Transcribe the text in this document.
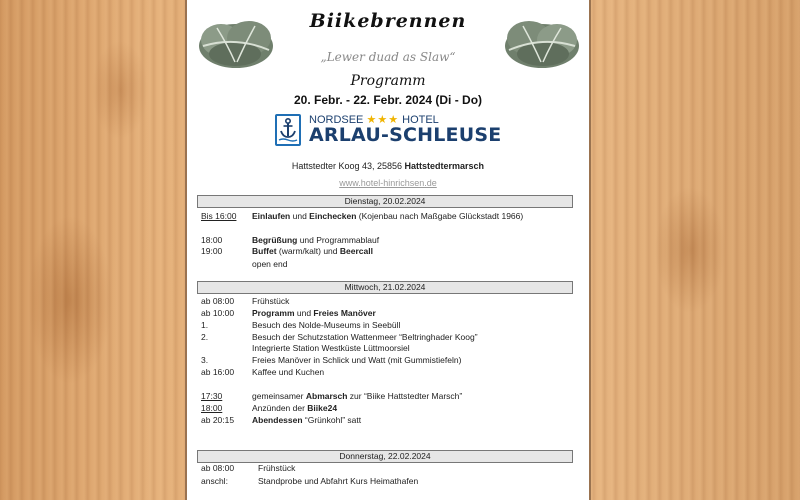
Biikebrennen
„Lewer duad as Slaw“
Programm
20. Febr. - 22. Febr. 2024 (Di - Do)
NORDSEE ★★★ HOTEL
ARLAU-SCHLEUSE
Hattstedter Koog 43, 25856 Hattstedtermarsch
www.hotel-hinrichsen.de
Dienstag, 20.02.2024
Bis 16:00 Einlaufen und Einchecken (Kojenbau nach Maßgabe Glückstadt 1966)
18:00	Begrüßung und Programmablauf
19:00	Buffet (warm/kalt) und Beercall
open end
Mittwoch, 21.02.2024
ab 08:00 Frühstück
ab 10:00 Programm und Freies Manöver
1.	Besuch des Nolde-Museums in Seebüll
2.	Besuch der Schutzstation Wattenmeer “Beltringhader Koog”
Integrierte Station Westküste Lüttmoorsiel
3.	Freies Manöver in Schlick und Watt (mit Gummistiefeln)
ab 16:00 Kaffee und Kuchen
17:30	gemeinsamer Abmarsch zur “Biike Hattstedter Marsch”
18:00	Anzünden der Biike24
ab 20:15 Abendessen “Grünkohl” satt
Donnerstag, 22.02.2024
ab 08:00	Frühstück
anschl:	Standprobe und Abfahrt Kurs Heimathafen
